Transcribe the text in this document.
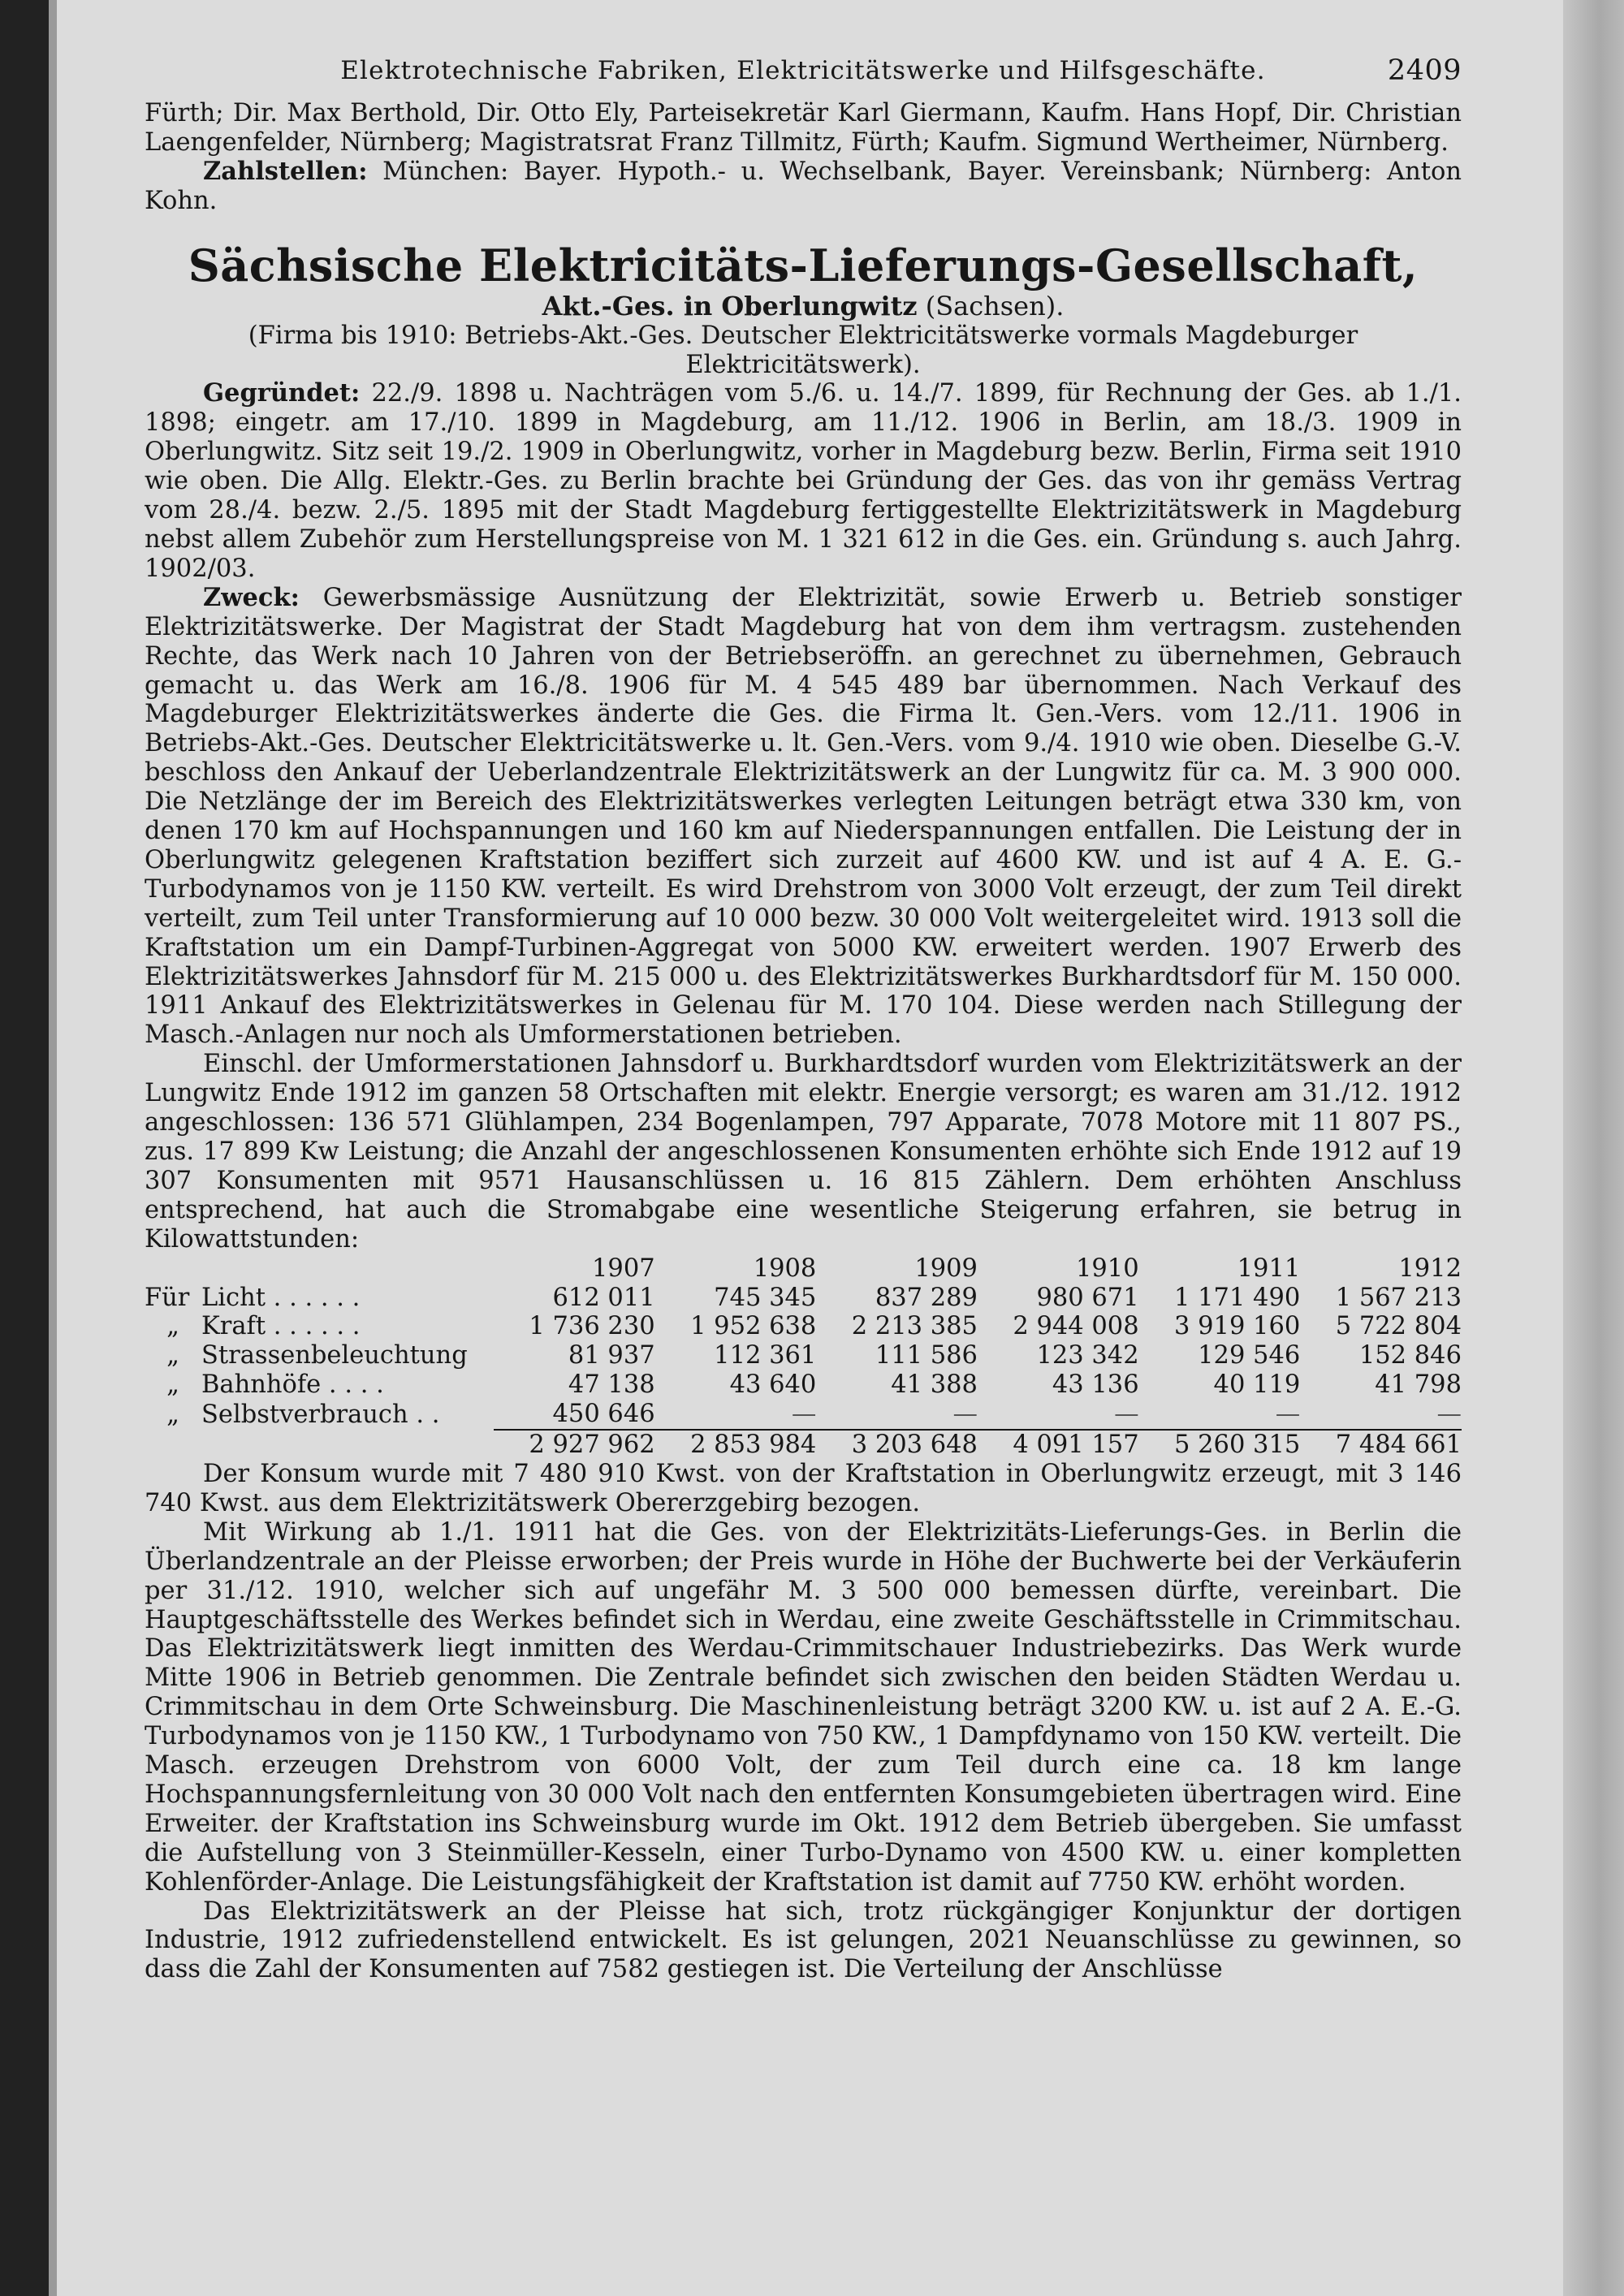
Elektrotechnische Fabriken, Elektricitätswerke und Hilfsgeschäfte.	2409

Fürth; Dir. Max Berthold, Dir. Otto Ely, Parteisekretär Karl Giermann, Kaufm. Hans Hopf, Dir. Christian Laengenfelder, Nürnberg; Magistratsrat Franz Tillmitz, Fürth; Kaufm. Sigmund Wertheimer, Nürnberg.

Zahlstellen: München: Bayer. Hypoth.- u. Wechselbank, Bayer. Vereinsbank; Nürnberg: Anton Kohn.

Sächsische Elektricitäts-Lieferungs-Gesellschaft,
Akt.-Ges. in Oberlungwitz (Sachsen).

(Firma bis 1910: Betriebs-Akt.-Ges. Deutscher Elektricitätswerke vormals Magdeburger Elektricitätswerk).

Gegründet: 22./9. 1898 u. Nachträgen vom 5./6. u. 14./7. 1899, für Rechnung der Ges. ab 1./1. 1898; eingetr. am 17./10. 1899 in Magdeburg, am 11./12. 1906 in Berlin, am 18./3. 1909 in Oberlungwitz. Sitz seit 19./2. 1909 in Oberlungwitz, vorher in Magdeburg bezw. Berlin, Firma seit 1910 wie oben. Die Allg. Elektr.-Ges. zu Berlin brachte bei Gründung der Ges. das von ihr gemäss Vertrag vom 28./4. bezw. 2./5. 1895 mit der Stadt Magdeburg fertiggestellte Elektrizitätswerk in Magdeburg nebst allem Zubehör zum Herstellungspreise von M. 1 321 612 in die Ges. ein. Gründung s. auch Jahrg. 1902/03.

Zweck: Gewerbsmässige Ausnützung der Elektrizität, sowie Erwerb u. Betrieb sonstiger Elektrizitätswerke. Der Magistrat der Stadt Magdeburg hat von dem ihm vertragsm. zustehenden Rechte, das Werk nach 10 Jahren von der Betriebseröffn. an gerechnet zu übernehmen, Gebrauch gemacht u. das Werk am 16./8. 1906 für M. 4 545 489 bar übernommen. Nach Verkauf des Magdeburger Elektrizitätswerkes änderte die Ges. die Firma lt. Gen.-Vers. vom 12./11. 1906 in Betriebs-Akt.-Ges. Deutscher Elektricitätswerke u. lt. Gen.-Vers. vom 9./4. 1910 wie oben. Dieselbe G.-V. beschloss den Ankauf der Ueberlandzentrale Elektrizitätswerk an der Lungwitz für ca. M. 3 900 000. Die Netzlänge der im Bereich des Elektrizitätswerkes verlegten Leitungen beträgt etwa 330 km, von denen 170 km auf Hochspannungen und 160 km auf Niederspannungen entfallen. Die Leistung der in Oberlungwitz gelegenen Kraftstation beziffert sich zurzeit auf 4600 KW. und ist auf 4 A. E. G.-Turbodynamos von je 1150 KW. verteilt. Es wird Drehstrom von 3000 Volt erzeugt, der zum Teil direkt verteilt, zum Teil unter Transformierung auf 10 000 bezw. 30 000 Volt weitergeleitet wird. 1913 soll die Kraftstation um ein Dampf-Turbinen-Aggregat von 5000 KW. erweitert werden. 1907 Erwerb des Elektrizitätswerkes Jahnsdorf für M. 215 000 u. des Elektrizitätswerkes Burkhardtsdorf für M. 150 000. 1911 Ankauf des Elektrizitätswerkes in Gelenau für M. 170 104. Diese werden nach Stillegung der Masch.-Anlagen nur noch als Umformerstationen betrieben.

Einschl. der Umformerstationen Jahnsdorf u. Burkhardtsdorf wurden vom Elektrizitätswerk an der Lungwitz Ende 1912 im ganzen 58 Ortschaften mit elektr. Energie versorgt; es waren am 31./12. 1912 angeschlossen: 136 571 Glühlampen, 234 Bogenlampen, 797 Apparate, 7078 Motore mit 11 807 PS., zus. 17 899 Kw Leistung; die Anzahl der angeschlossenen Konsumenten erhöhte sich Ende 1912 auf 19 307 Konsumenten mit 9571 Hausanschlüssen u. 16 815 Zählern. Dem erhöhten Anschluss entsprechend, hat auch die Stromabgabe eine wesentliche Steigerung erfahren, sie betrug in Kilowattstunden:

	1907	1908	1909	1910	1911	1912
Für Licht . . . . . .	612 011	745 345	837 289	980 671	1 171 490	1 567 213
„ Kraft . . . . . .	1 736 230	1 952 638	2 213 385	2 944 008	3 919 160	5 722 804
„ Strassenbeleuchtung	81 937	112 361	111 586	123 342	129 546	152 846
„ Bahnhöfe . . . .	47 138	43 640	41 388	43 136	40 119	41 798
„ Selbstverbrauch . .	450 646	—	—	—	—	—
	2 927 962	2 853 984	3 203 648	4 091 157	5 260 315	7 484 661

Der Konsum wurde mit 7 480 910 Kwst. von der Kraftstation in Oberlungwitz erzeugt, mit 3 146 740 Kwst. aus dem Elektrizitätswerk Obererzgebirg bezogen.

Mit Wirkung ab 1./1. 1911 hat die Ges. von der Elektrizitäts-Lieferungs-Ges. in Berlin die Überlandzentrale an der Pleisse erworben; der Preis wurde in Höhe der Buchwerte bei der Verkäuferin per 31./12. 1910, welcher sich auf ungefähr M. 3 500 000 bemessen dürfte, vereinbart. Die Hauptgeschäftsstelle des Werkes befindet sich in Werdau, eine zweite Geschäftsstelle in Crimmitschau. Das Elektrizitätswerk liegt inmitten des Werdau-Crimmitschauer Industriebezirks. Das Werk wurde Mitte 1906 in Betrieb genommen. Die Zentrale befindet sich zwischen den beiden Städten Werdau u. Crimmitschau in dem Orte Schweinsburg. Die Maschinenleistung beträgt 3200 KW. u. ist auf 2 A. E.-G. Turbodynamos von je 1150 KW., 1 Turbodynamo von 750 KW., 1 Dampfdynamo von 150 KW. verteilt. Die Masch. erzeugen Drehstrom von 6000 Volt, der zum Teil durch eine ca. 18 km lange Hochspannungsfernleitung von 30 000 Volt nach den entfernten Konsumgebieten übertragen wird. Eine Erweiter. der Kraftstation ins Schweinsburg wurde im Okt. 1912 dem Betrieb übergeben. Sie umfasst die Aufstellung von 3 Steinmüller-Kesseln, einer Turbo-Dynamo von 4500 KW. u. einer kompletten Kohlenförder-Anlage. Die Leistungsfähigkeit der Kraftstation ist damit auf 7750 KW. erhöht worden.

Das Elektrizitätswerk an der Pleisse hat sich, trotz rückgängiger Konjunktur der dortigen Industrie, 1912 zufriedenstellend entwickelt. Es ist gelungen, 2021 Neuanschlüsse zu gewinnen, so dass die Zahl der Konsumenten auf 7582 gestiegen ist. Die Verteilung der Anschlüsse
